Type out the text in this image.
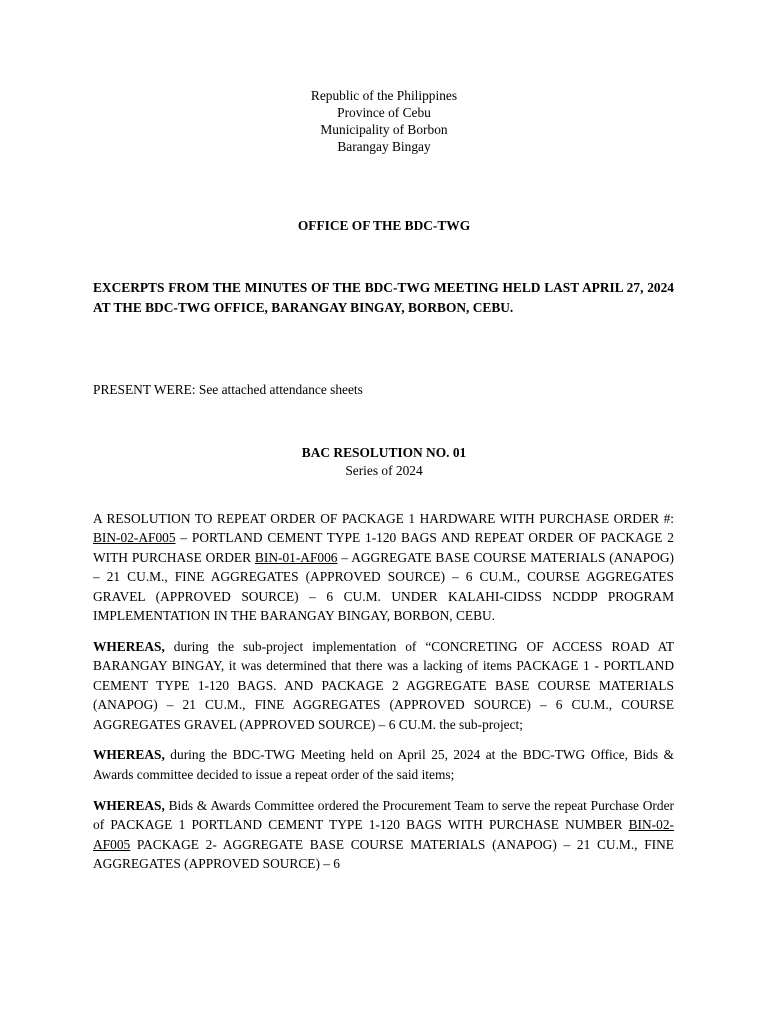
Republic of the Philippines
Province of Cebu
Municipality of Borbon
Barangay Bingay
OFFICE OF THE BDC-TWG
EXCERPTS FROM THE MINUTES OF THE BDC-TWG MEETING HELD LAST APRIL 27, 2024 AT THE BDC-TWG OFFICE, BARANGAY BINGAY, BORBON, CEBU.
PRESENT WERE: See attached attendance sheets
BAC RESOLUTION NO. 01
Series of 2024

A RESOLUTION TO REPEAT ORDER OF PACKAGE 1 HARDWARE WITH PURCHASE ORDER #: BIN-02-AF005 – PORTLAND CEMENT TYPE 1-120 BAGS AND REPEAT ORDER OF PACKAGE 2 WITH PURCHASE ORDER BIN-01-AF006 – AGGREGATE BASE COURSE MATERIALS (ANAPOG) – 21 CU.M., FINE AGGREGATES (APPROVED SOURCE) – 6 CU.M., COURSE AGGREGATES GRAVEL (APPROVED SOURCE) – 6 CU.M. UNDER KALAHI-CIDSS NCDDP PROGRAM IMPLEMENTATION IN THE BARANGAY BINGAY, BORBON, CEBU.

WHEREAS, during the sub-project implementation of “CONCRETING OF ACCESS ROAD AT BARANGAY BINGAY, it was determined that there was a lacking of items PACKAGE 1 - PORTLAND CEMENT TYPE 1-120 BAGS. AND PACKAGE 2 AGGREGATE BASE COURSE MATERIALS (ANAPOG) – 21 CU.M., FINE AGGREGATES (APPROVED SOURCE) – 6 CU.M., COURSE AGGREGATES GRAVEL (APPROVED SOURCE) – 6 CU.M. the sub-project;

WHEREAS, during the BDC-TWG Meeting held on April 25, 2024 at the BDC-TWG Office, Bids & Awards committee decided to issue a repeat order of the said items;

WHEREAS, Bids & Awards Committee ordered the Procurement Team to serve the repeat Purchase Order of PACKAGE 1 PORTLAND CEMENT TYPE 1-120 BAGS WITH PURCHASE NUMBER BIN-02-AF005 PACKAGE 2- AGGREGATE BASE COURSE MATERIALS (ANAPOG) – 21 CU.M., FINE AGGREGATES (APPROVED SOURCE) – 6
